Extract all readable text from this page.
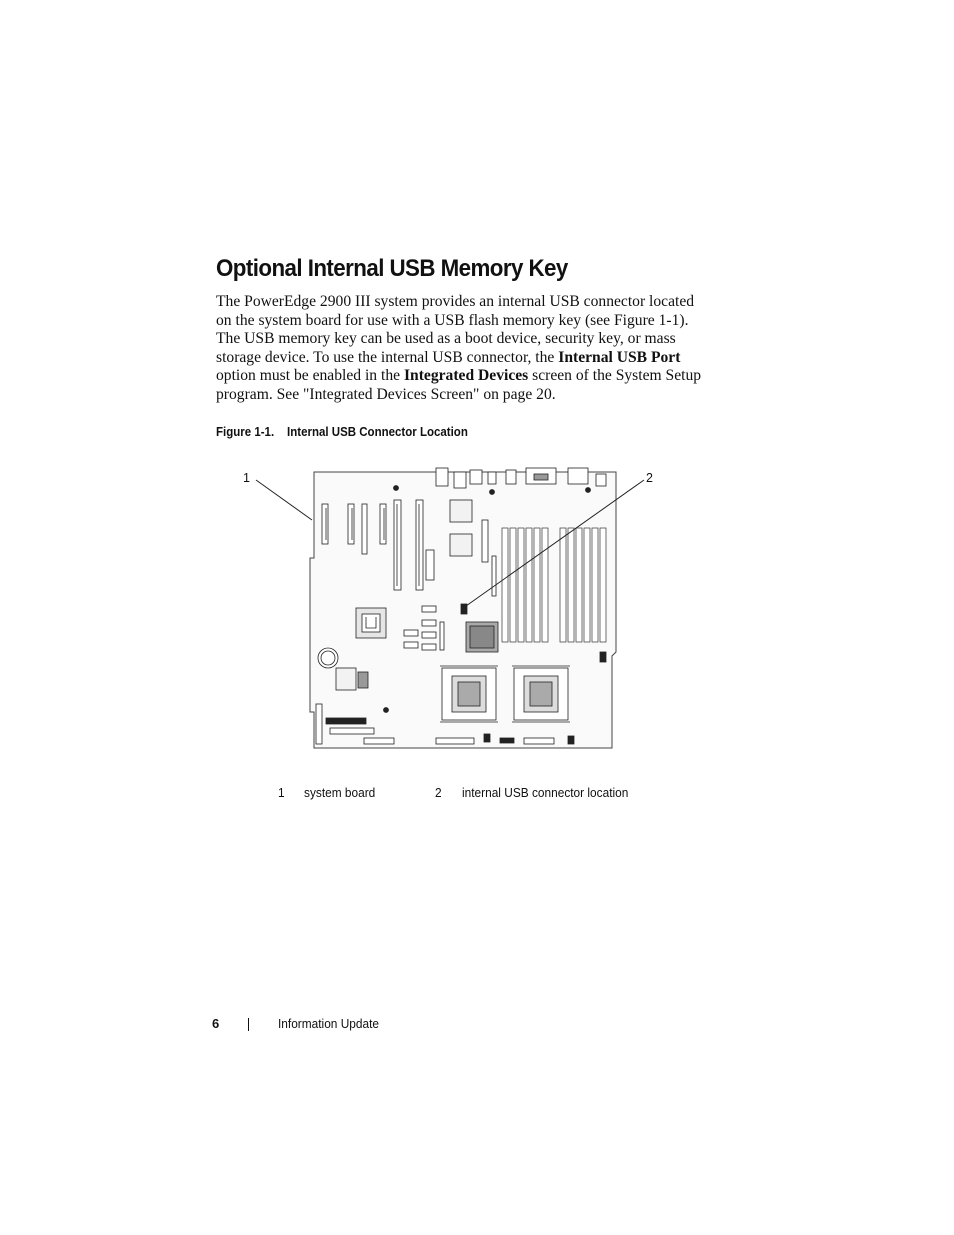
Optional Internal USB Memory Key
The PowerEdge 2900 III system provides an internal USB connector located
on the system board for use with a USB flash memory key (see Figure 1-1).
The USB memory key can be used as a boot device, security key, or mass
storage device. To use the internal USB connector, the Internal USB Port
option must be enabled in the Integrated Devices screen of the System Setup
program. See "Integrated Devices Screen" on page 20.
Figure 1-1. Internal USB Connector Location
1	2
1 system board	2 internal USB connector location
6	Information Update
